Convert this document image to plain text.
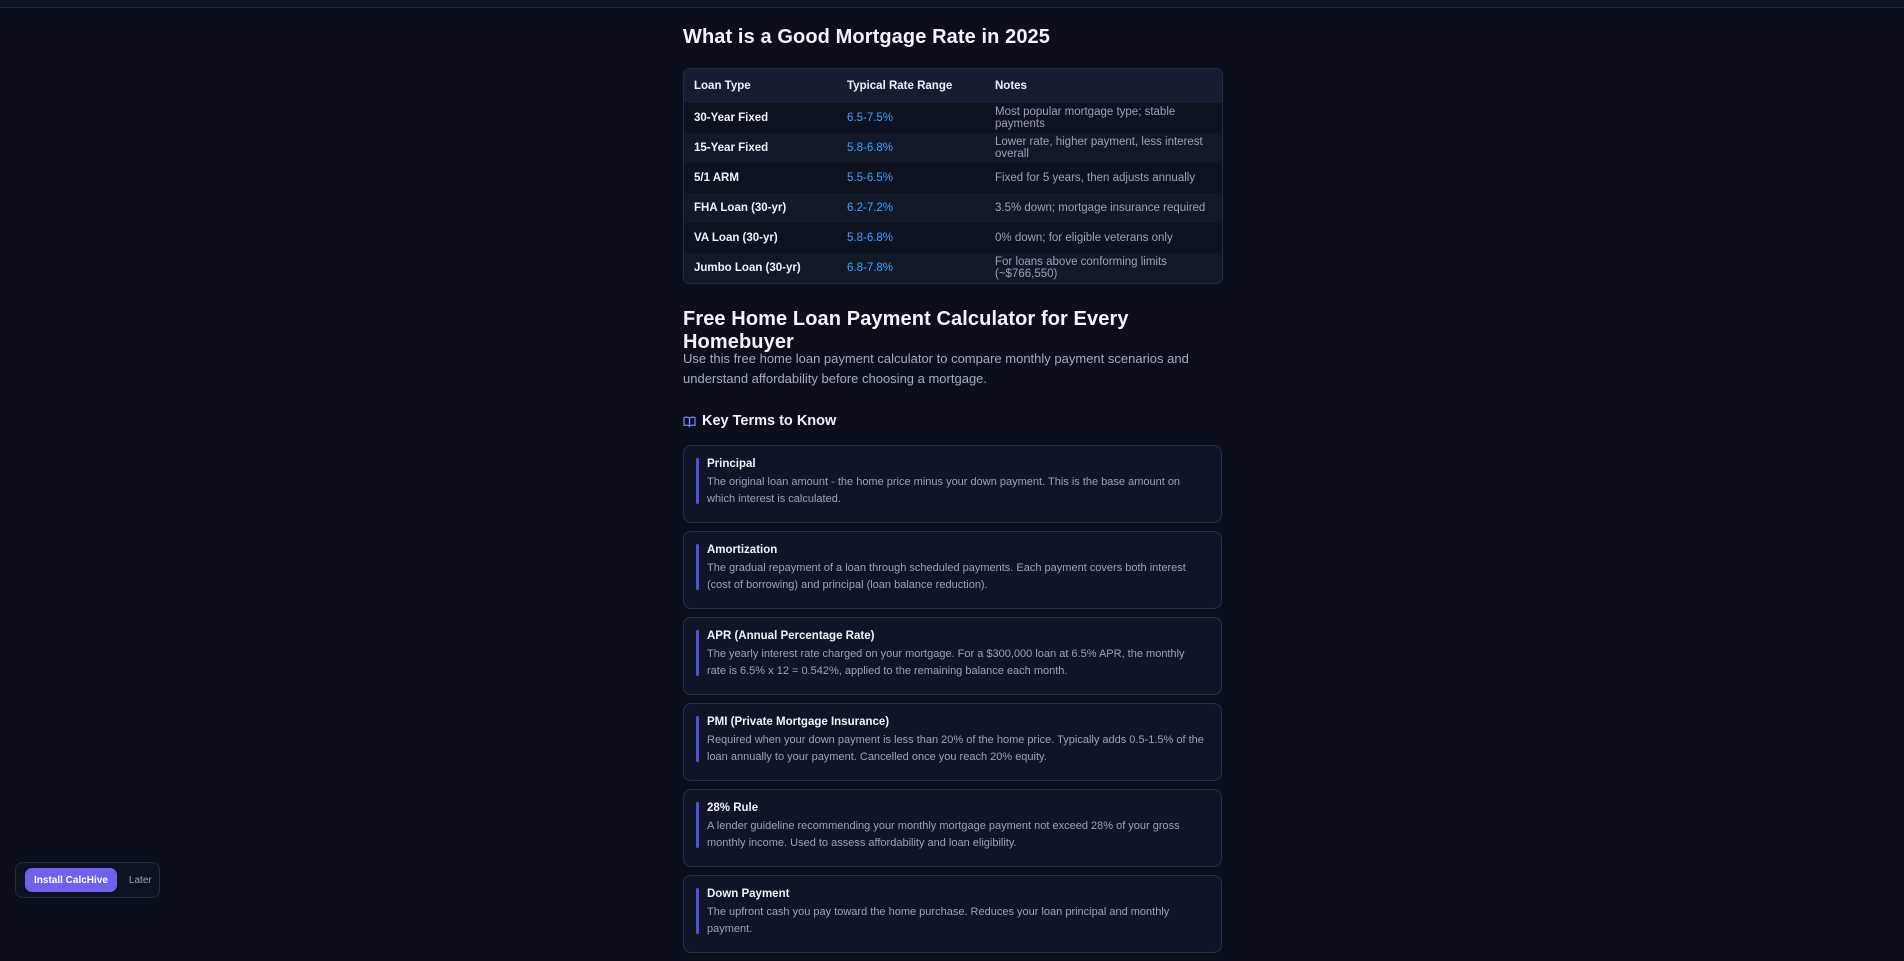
What is a Good Mortgage Rate in 2025
Loan Type	Typical Rate Range	Notes
30-Year Fixed	6.5-7.5%	Most popular mortgage type; stable payments
15-Year Fixed	5.8-6.8%	Lower rate, higher payment, less interest overall
5/1 ARM	5.5-6.5%	Fixed for 5 years, then adjusts annually
FHA Loan (30-yr)	6.2-7.2%	3.5% down; mortgage insurance required
VA Loan (30-yr)	5.8-6.8%	0% down; for eligible veterans only
Jumbo Loan (30-yr)	6.8-7.8%	For loans above conforming limits (~$766,550)
Free Home Loan Payment Calculator for Every Homebuyer

Use this free home loan payment calculator to compare monthly payment scenarios and understand affordability before choosing a mortgage.

Key Terms to Know
Principal
The original loan amount - the home price minus your down payment. This is the base amount on which interest is calculated.
Amortization
The gradual repayment of a loan through scheduled payments. Each payment covers both interest (cost of borrowing) and principal (loan balance reduction).
APR (Annual Percentage Rate)
The yearly interest rate charged on your mortgage. For a $300,000 loan at 6.5% APR, the monthly rate is 6.5% x 12 = 0.542%, applied to the remaining balance each month.
PMI (Private Mortgage Insurance)
Required when your down payment is less than 20% of the home price. Typically adds 0.5-1.5% of the loan annually to your payment. Cancelled once you reach 20% equity.
28% Rule
A lender guideline recommending your monthly mortgage payment not exceed 28% of your gross monthly income. Used to assess affordability and loan eligibility.
Down Payment
The upfront cash you pay toward the home purchase. Reduces your loan principal and monthly payment.
Install CalcHive	Later
